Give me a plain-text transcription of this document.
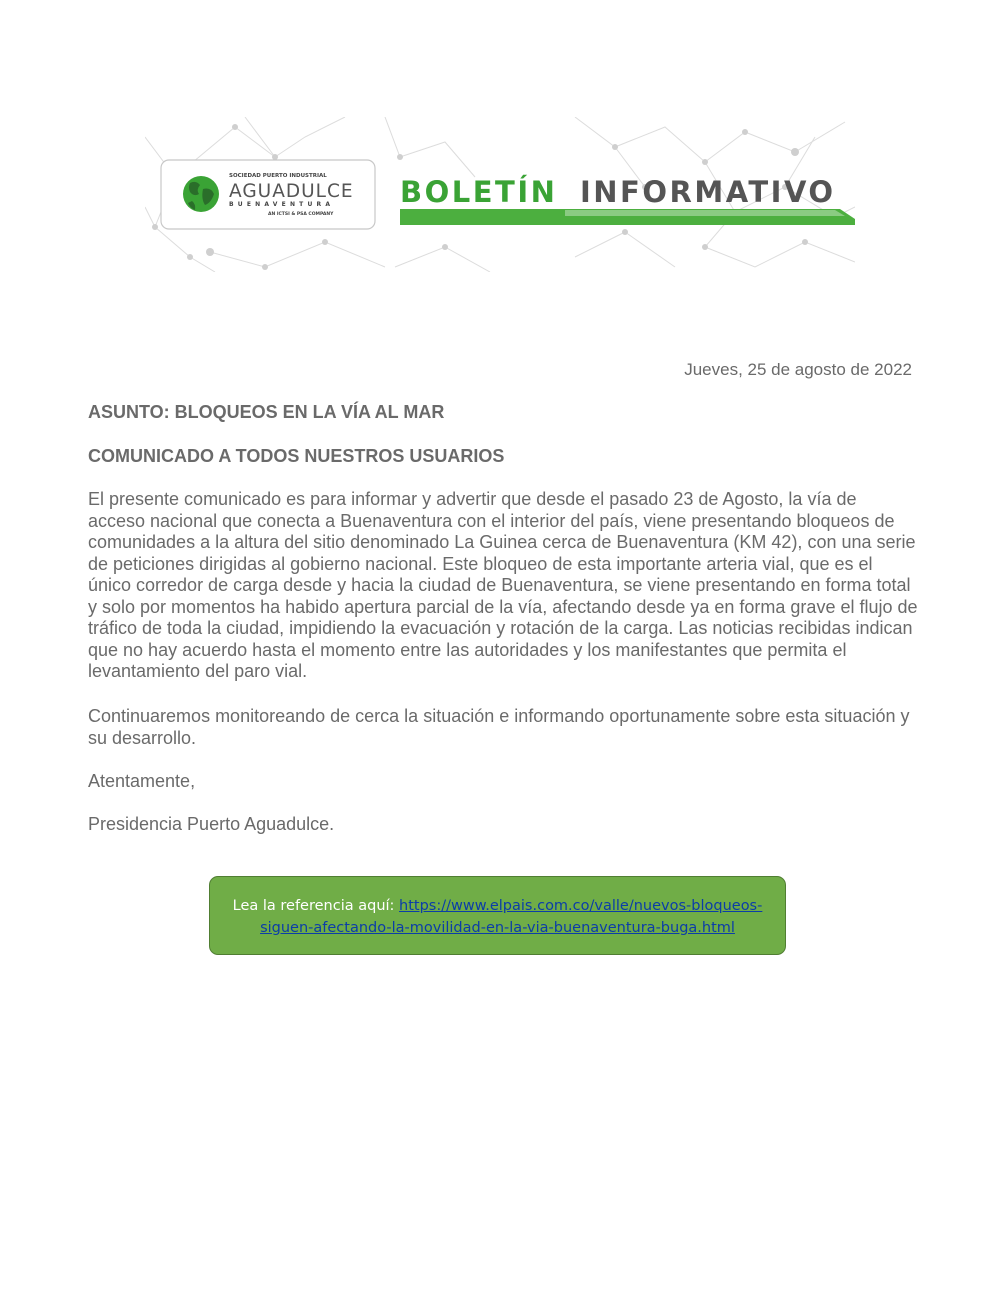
SOCIEDAD PUERTO INDUSTRIAL
AGUADULCE
BUENAVENTURA
AN ICTSI & PSA COMPANY
BOLETÍN INFORMATIVO
Jueves, 25 de agosto de 2022
ASUNTO: BLOQUEOS EN LA VÍA AL MAR
COMUNICADO A TODOS NUESTROS USUARIOS
El presente comunicado es para informar y advertir que desde el pasado 23 de Agosto, la vía de acceso nacional que conecta a Buenaventura con el interior del país, viene presentando bloqueos de comunidades a la altura del sitio denominado La Guinea cerca de Buenaventura (KM 42), con una serie de peticiones dirigidas al gobierno nacional. Este bloqueo de esta importante arteria vial, que es el único corredor de carga desde y hacia la ciudad de Buenaventura, se viene presentando en forma total y solo por momentos ha habido apertura parcial de la vía, afectando desde ya en forma grave el flujo de tráfico de toda la ciudad, impidiendo la evacuación y rotación de la carga. Las noticias recibidas indican que no hay acuerdo hasta el momento entre las autoridades y los manifestantes que permita el levantamiento del paro vial.
Continuaremos monitoreando de cerca la situación e informando oportunamente sobre esta situación y su desarrollo.
Atentamente,
Presidencia Puerto Aguadulce.
Lea la referencia aquí: https://www.elpais.com.co/valle/nuevos-bloqueos-siguen-afectando-la-movilidad-en-la-via-buenaventura-buga.html
